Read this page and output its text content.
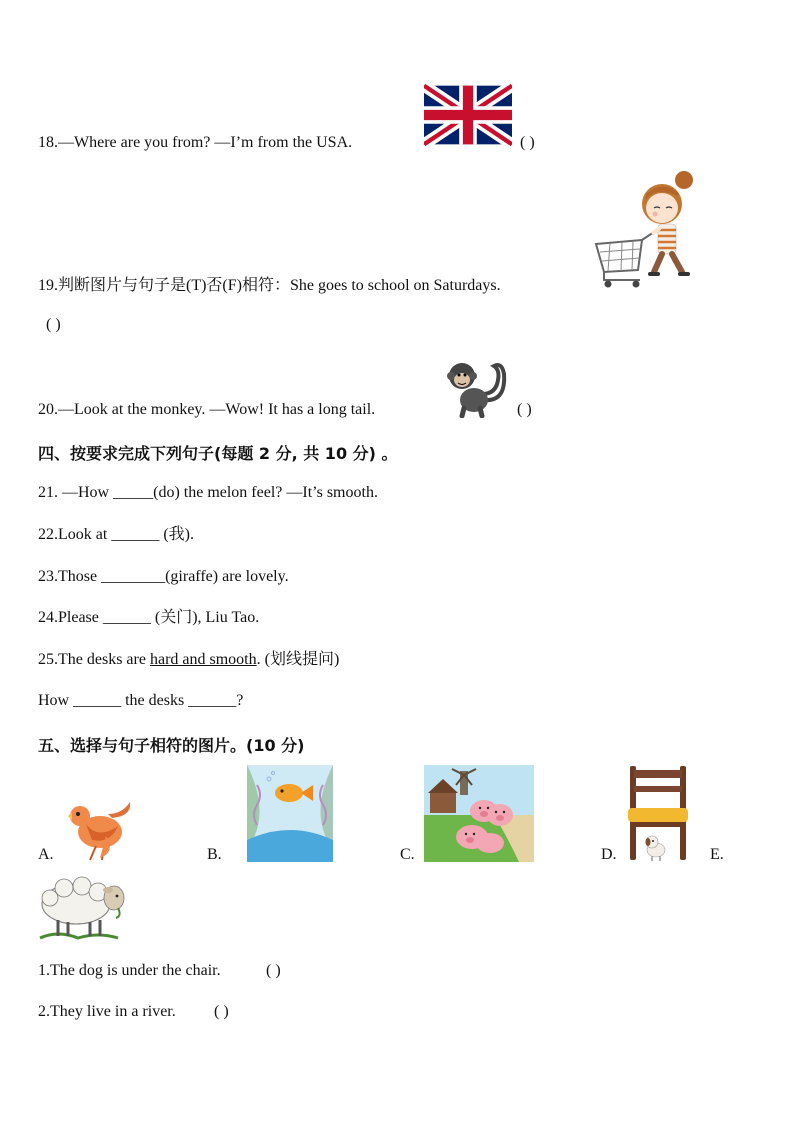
18.—Where are you from? —I’m from the USA.	( )
19.判断图片与句子是(T)否(F)相符：She goes to school on Saturdays.
( )
20.—Look at the monkey. —Wow! It has a long tail.	( )
四、按要求完成下列句子(每题 2 分, 共 10 分) 。
21. —How _____(do) the melon feel? —It’s smooth.
22.Look at ______ (我).
23.Those ________(giraffe) are lovely.
24.Please ______ (关门), Liu Tao.
25.The desks are hard and smooth. (划线提问)
How ______ the desks ______?
五、选择与句子相符的图片。(10 分)
A.	B.	C.	D.	E.
1.The dog is under the chair.	( )
2.They live in a river. ( )
